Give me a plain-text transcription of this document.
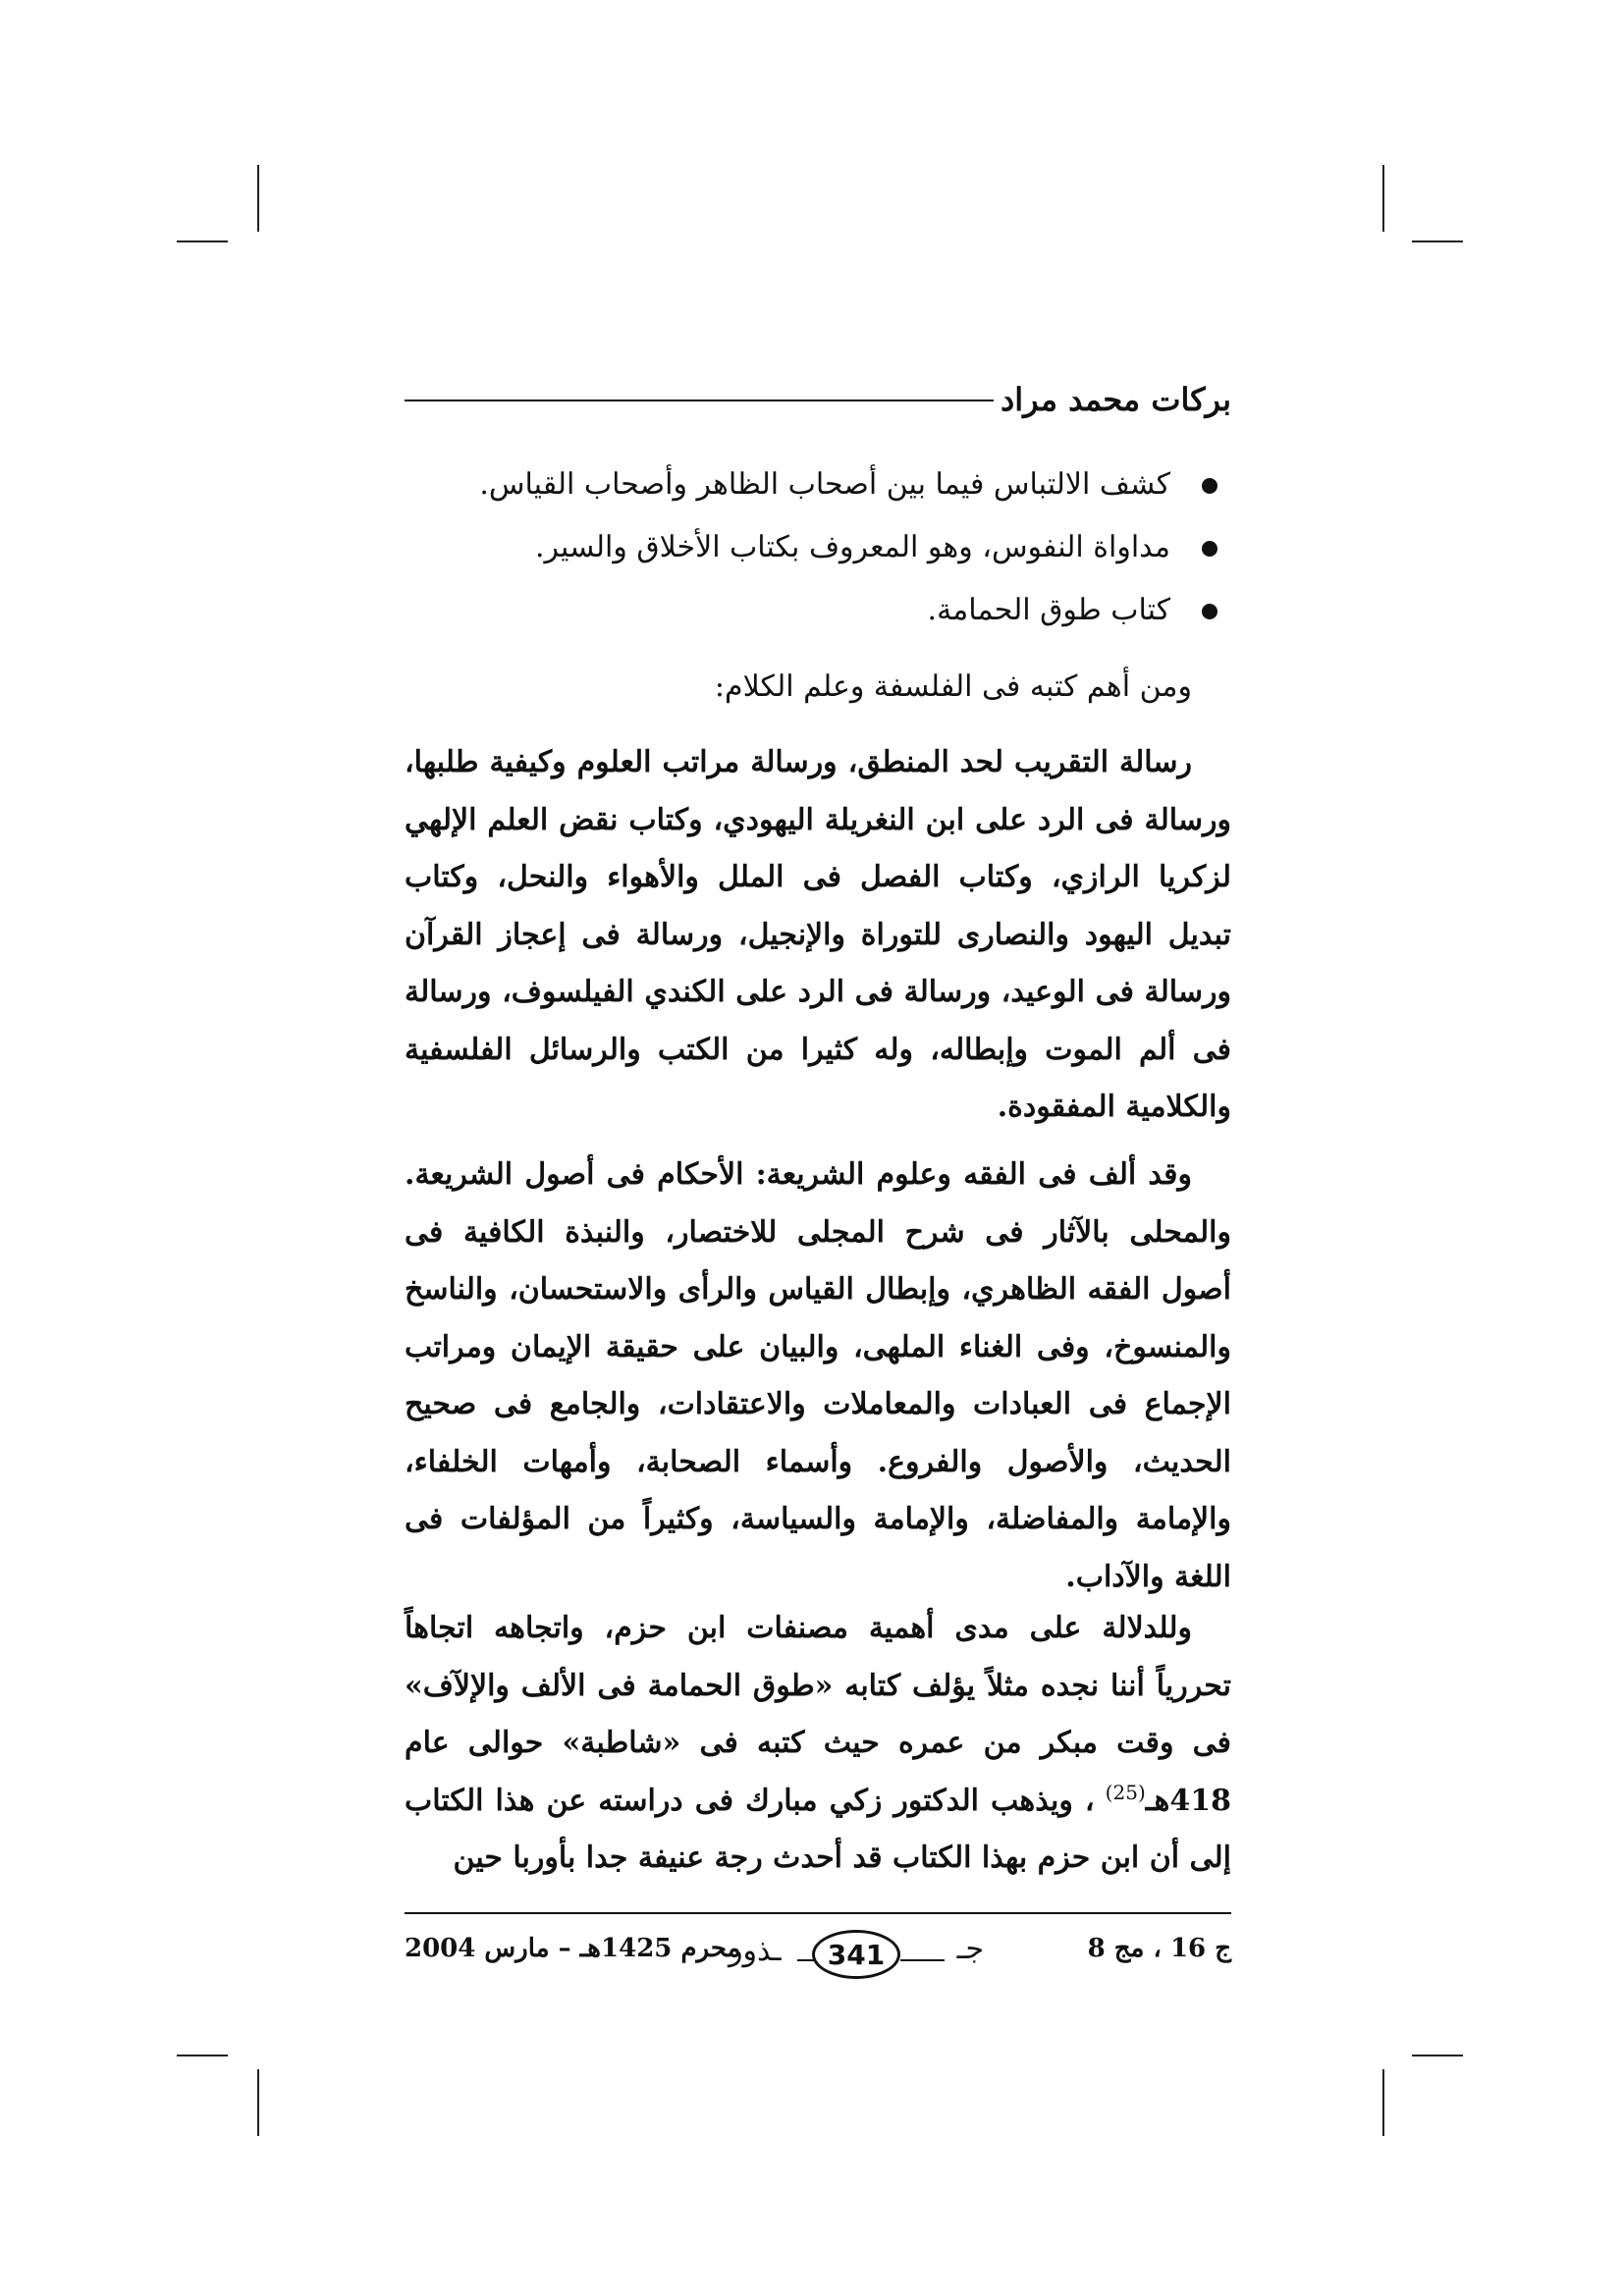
بركات محمد مراد
كشف الالتباس فيما بين أصحاب الظاهر وأصحاب القياس.
مداواة النفوس، وهو المعروف بكتاب الأخلاق والسير.
كتاب طوق الحمامة.
ومن أهم كتبه فى الفلسفة وعلم الكلام:

رسالة التقريب لحد المنطق، ورسالة مراتب العلوم وكيفية طلبها، ورسالة فى الرد على ابن النغريلة اليهودي، وكتاب نقض العلم الإلهي لزكريا الرازي، وكتاب الفصل فى الملل والأهواء والنحل، وكتاب تبديل اليهود والنصارى للتوراة والإنجيل، ورسالة فى إعجاز القرآن ورسالة فى الوعيد، ورسالة فى الرد على الكندي الفيلسوف، ورسالة فى ألم الموت وإبطاله، وله كثيرا من الكتب والرسائل الفلسفية والكلامية المفقودة.

وقد ألف فى الفقه وعلوم الشريعة: الأحكام فى أصول الشريعة. والمحلى بالآثار فى شرح المجلى للاختصار، والنبذة الكافية فى أصول الفقه الظاهري، وإبطال القياس والرأى والاستحسان، والناسخ والمنسوخ، وفى الغناء الملهى، والبيان على حقيقة الإيمان ومراتب الإجماع فى العبادات والمعاملات والاعتقادات، والجامع فى صحيح الحديث، والأصول والفروع. وأسماء الصحابة، وأمهات الخلفاء، والإمامة والمفاضلة، والإمامة والسياسة، وكثيراً من المؤلفات فى اللغة والآداب.

وللدلالة على مدى أهمية مصنفات ابن حزم، واتجاهه اتجاهاً تحررياً أننا نجده مثلاً يؤلف كتابه «طوق الحمامة فى الألف والإلآف» فى وقت مبكر من عمره حيث كتبه فى «شاطبة» حوالى عام 418هـ$^{(25)}$ ، ويذهب الدكتور زكي مبارك فى دراسته عن هذا الكتاب إلى أن ابن حزم بهذا الكتاب قد أحدث رجة عنيفة جدا بأوربا حين

ج 16 ، مج 8
جـ
341
ـذور
محرم 1425هـ – مارس 2004
